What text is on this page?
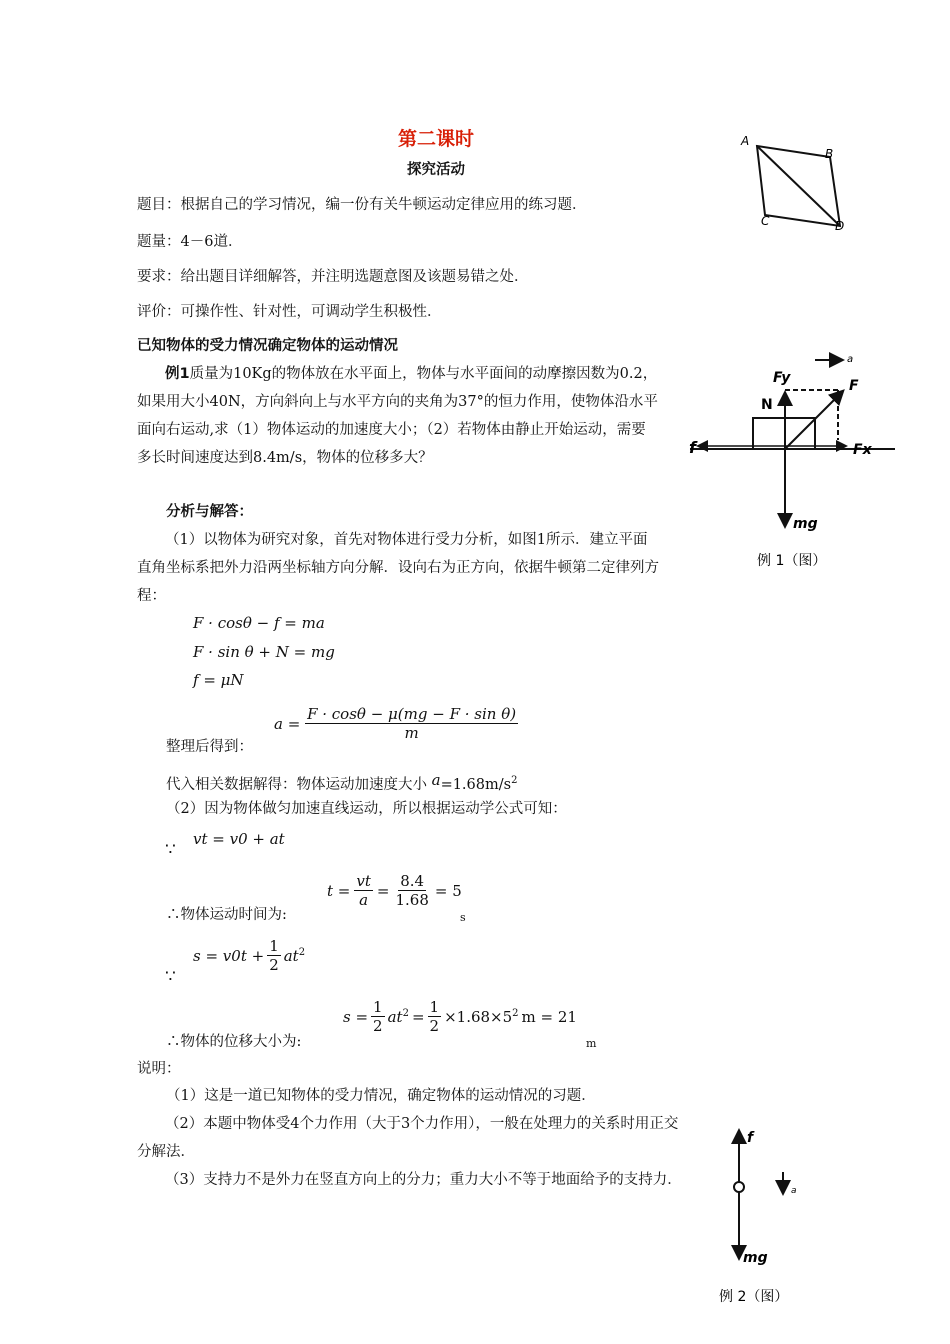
第二课时
探究活动
题目：根据自己的学习情况，编一份有关牛顿运动定律应用的练习题．
题量：4－6道．
要求：给出题目详细解答，并注明选题意图及该题易错之处．
评价：可操作性、针对性，可调动学生积极性．
已知物体的受力情况确定物体的运动情况
例1质量为10Kg的物体放在水平面上，物体与水平面间的动摩擦因数为0.2，如果用大小40N，方向斜向上与水平方向的夹角为37°的恒力作用，使物体沿水平面向右运动,求（1）物体运动的加速度大小；（2）若物体由静止开始运动，需要多长时间速度达到8.4m/s，物体的位移多大？
分析与解答：
（1）以物体为研究对象，首先对物体进行受力分析，如图1所示．建立平面直角坐标系把外力沿两坐标轴方向分解．设向右为正方向，依据牛顿第二定律列方程：
F · cosθ − f = ma
F · sin θ + N = mg
f = μN
整理后得到：
a =
$\frac{\text{F · cosθ − μ(mg − F · sin θ)}}{m}$
代入相关数据解得：物体运动加速度大小 $a=1.68m/s^2$
（2）因为物体做匀加速直线运动，所以根据运动学公式可知：
∵
vt = v0 + at
∴物体运动时间为:
$t = \frac{vt}{a} = \frac{8.4}{1.68} = 5$
s
∵
$s = v0t + \frac{1}{2} at^2$
∴物体的位移大小为:
$s = \frac{1}{2} at^2 = \frac{1}{2} \times 1.68\times 5^2$ m = 21
m
说明：
（1）这是一道已知物体的受力情况，确定物体的运动情况的习题．
（2）本题中物体受4个力作用（大于3个力作用），一般在处理力的关系时用正交分解法．
（3）支持力不是外力在竖直方向上的分力；重力大小不等于地面给予的支持力．
A
B
C	D
a
Fy
N
F
f	Fx
mg
例 1（图）
f
a
mg
例 2（图）
